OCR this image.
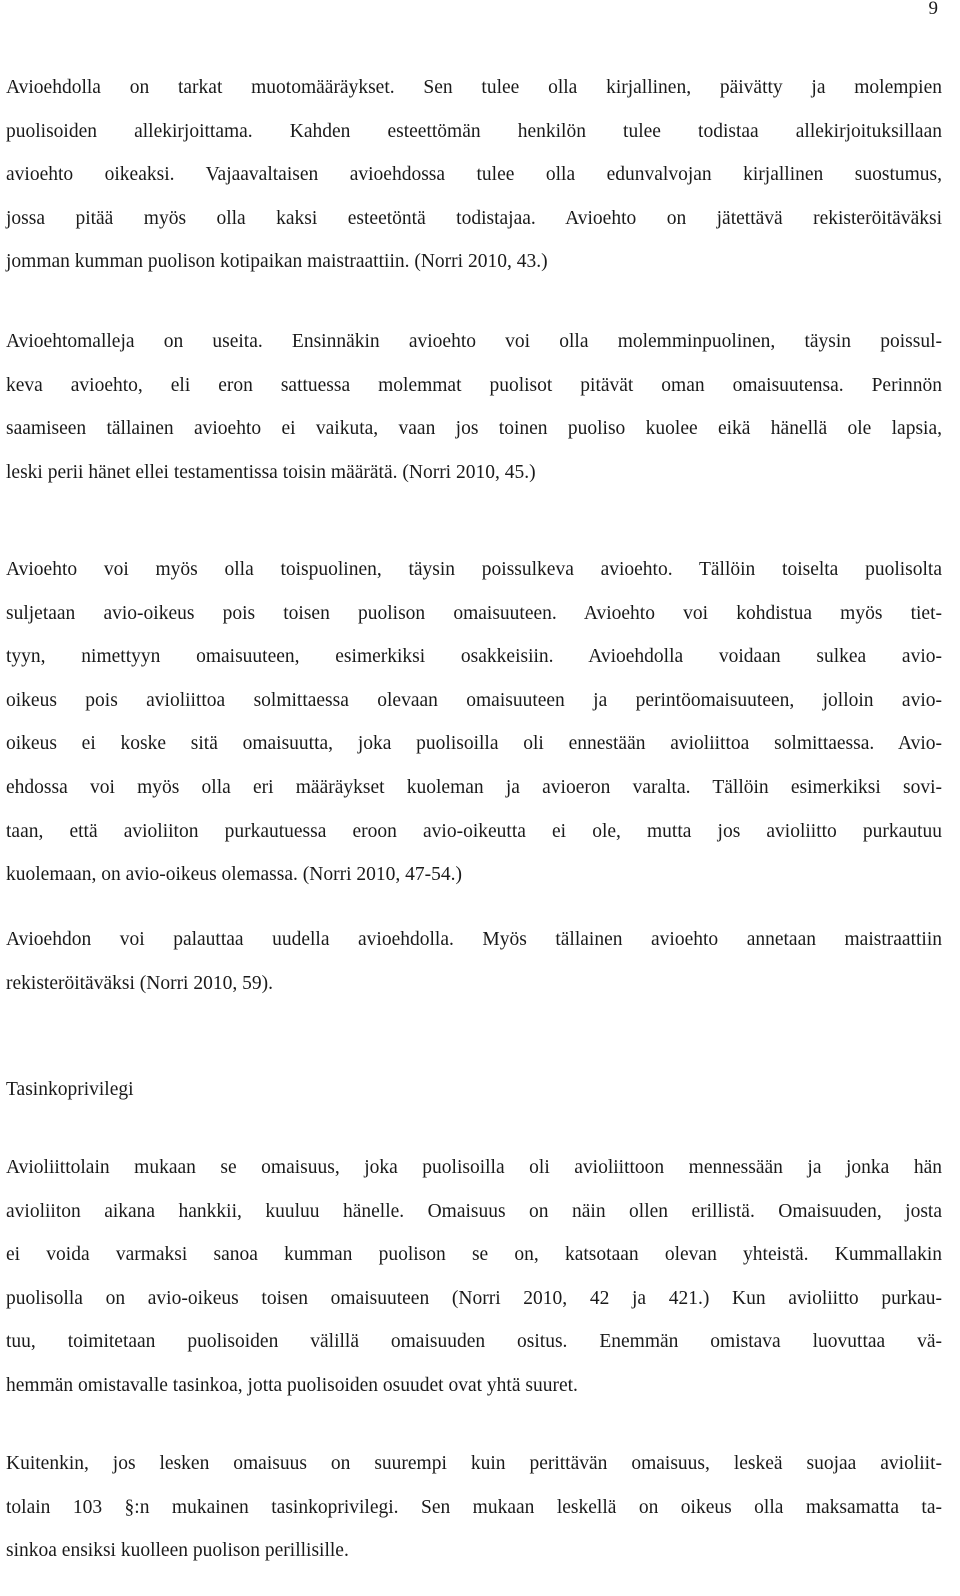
9
Avioehdolla on tarkat muotomääräykset. Sen tulee olla kirjallinen, päivätty ja molempien
puolisoiden allekirjoittama. Kahden esteettömän henkilön tulee todistaa allekirjoituksillaan
avioehto oikeaksi. Vajaavaltaisen avioehdossa tulee olla edunvalvojan kirjallinen suostumus,
jossa pitää myös olla kaksi esteetöntä todistajaa. Avioehto on jätettävä rekisteröitäväksi
jomman kumman puolison kotipaikan maistraattiin. (Norri 2010, 43.)
Avioehtomalleja on useita. Ensinnäkin avioehto voi olla molemminpuolinen, täysin poissul-
keva avioehto, eli eron sattuessa molemmat puolisot pitävät oman omaisuutensa. Perinnön
saamiseen tällainen avioehto ei vaikuta, vaan jos toinen puoliso kuolee eikä hänellä ole lapsia,
leski perii hänet ellei testamentissa toisin määrätä. (Norri 2010, 45.)
Avioehto voi myös olla toispuolinen, täysin poissulkeva avioehto. Tällöin toiselta puolisolta
suljetaan avio-oikeus pois toisen puolison omaisuuteen. Avioehto voi kohdistua myös tiet-
tyyn, nimettyyn omaisuuteen, esimerkiksi osakkeisiin. Avioehdolla voidaan sulkea avio-
oikeus pois avioliittoa solmittaessa olevaan omaisuuteen ja perintöomaisuuteen, jolloin avio-
oikeus ei koske sitä omaisuutta, joka puolisoilla oli ennestään avioliittoa solmittaessa. Avio-
ehdossa voi myös olla eri määräykset kuoleman ja avioeron varalta. Tällöin esimerkiksi sovi-
taan, että avioliiton purkautuessa eroon avio-oikeutta ei ole, mutta jos avioliitto purkautuu
kuolemaan, on avio-oikeus olemassa. (Norri 2010, 47-54.)
Avioehdon voi palauttaa uudella avioehdolla. Myös tällainen avioehto annetaan maistraattiin
rekisteröitäväksi (Norri 2010, 59).
Tasinkoprivilegi
Avioliittolain mukaan se omaisuus, joka puolisoilla oli avioliittoon mennessään ja jonka hän
avioliiton aikana hankkii, kuuluu hänelle. Omaisuus on näin ollen erillistä. Omaisuuden, josta
ei voida varmaksi sanoa kumman puolison se on, katsotaan olevan yhteistä. Kummallakin
puolisolla on avio-oikeus toisen omaisuuteen (Norri 2010, 42 ja 421.) Kun avioliitto purkau-
tuu, toimitetaan puolisoiden välillä omaisuuden ositus. Enemmän omistava luovuttaa vä-
hemmän omistavalle tasinkoa, jotta puolisoiden osuudet ovat yhtä suuret.
Kuitenkin, jos lesken omaisuus on suurempi kuin perittävän omaisuus, leskeä suojaa avioliit-
tolain 103 §:n mukainen tasinkoprivilegi. Sen mukaan leskellä on oikeus olla maksamatta ta-
sinkoa ensiksi kuolleen puolison perillisille.
